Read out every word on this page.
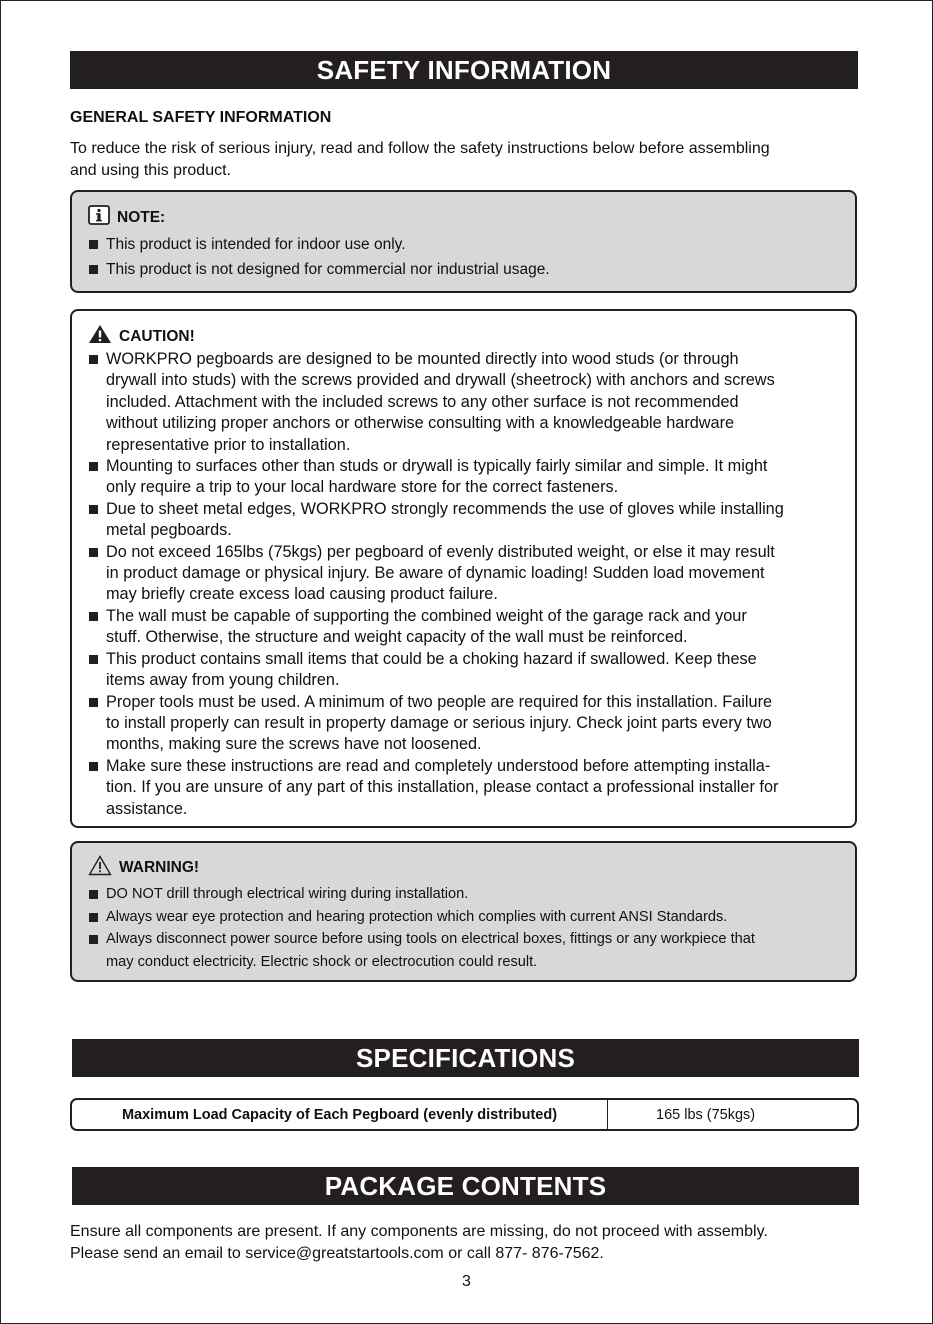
SAFETY INFORMATION
GENERAL SAFETY INFORMATION
To reduce the risk of serious injury, read and follow the safety instructions below before assembling
and using this product.
NOTE:
This product is intended for indoor use only.
This product is not designed for commercial nor industrial usage.
CAUTION!
WORKPRO pegboards are designed to be mounted directly into wood studs (or through
drywall into studs) with the screws provided and drywall (sheetrock) with anchors and screws
included. Attachment with the included screws to any other surface is not recommended
without utilizing proper anchors or otherwise consulting with a knowledgeable hardware
representative prior to installation.
Mounting to surfaces other than studs or drywall is typically fairly similar and simple. It might
only require a trip to your local hardware store for the correct fasteners.
Due to sheet metal edges, WORKPRO strongly recommends the use of gloves while installing
metal pegboards.
Do not exceed 165lbs (75kgs) per pegboard of evenly distributed weight, or else it may result
in product damage or physical injury. Be aware of dynamic loading! Sudden load movement
may briefly create excess load causing product failure.
The wall must be capable of supporting the combined weight of the garage rack and your
stuff. Otherwise, the structure and weight capacity of the wall must be reinforced.
This product contains small items that could be a choking hazard if swallowed. Keep these
items away from young children.
Proper tools must be used. A minimum of two people are required for this installation. Failure
to install properly can result in property damage or serious injury. Check joint parts every two
months, making sure the screws have not loosened.
Make sure these instructions are read and completely understood before attempting installa-
tion. If you are unsure of any part of this installation, please contact a professional installer for
assistance.
WARNING!
DO NOT drill through electrical wiring during installation.
Always wear eye protection and hearing protection which complies with current ANSI Standards.
Always disconnect power source before using tools on electrical boxes, fittings or any workpiece that
may conduct electricity. Electric shock or electrocution could result.
SPECIFICATIONS
Maximum Load Capacity of Each Pegboard (evenly distributed)	165 lbs (75kgs)
PACKAGE CONTENTS
Ensure all components are present. If any components are missing, do not proceed with assembly.
Please send an email to service@greatstartools.com or call 877- 876-7562.
3
